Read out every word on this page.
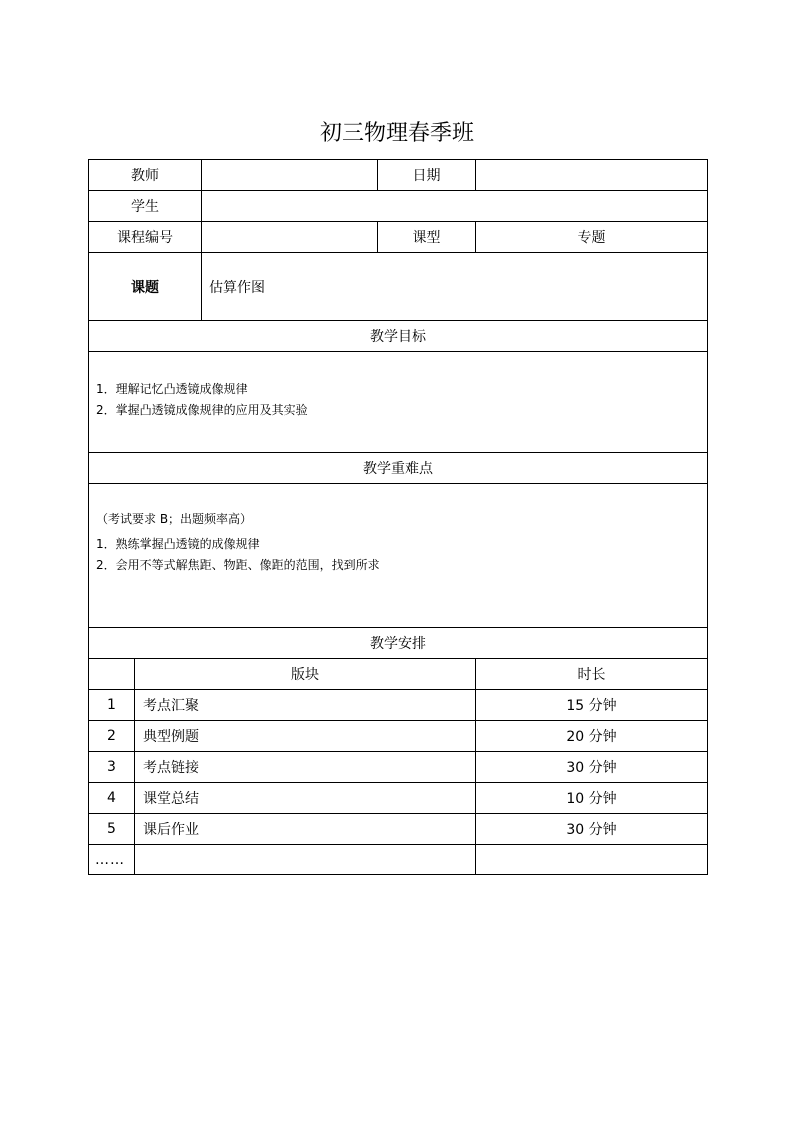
初三物理春季班
教师			日期	
学生				
课程编号			课型	专题
课题		估算作图		
教学目标				

1．理解记忆凸透镜成像规律
2．掌握凸透镜成像规律的应用及其实验				

教学重难点				

（考试要求 B；出题频率高）
1．熟练掌握凸透镜的成像规律
2．会用不等式解焦距、物距、像距的范围，找到所求				

教学安排				
	版块			时长
1	考点汇聚			15 分钟
2	典型例题			20 分钟
3	考点链接			30 分钟
4	课堂总结			10 分钟
5	课后作业			30 分钟
……				
